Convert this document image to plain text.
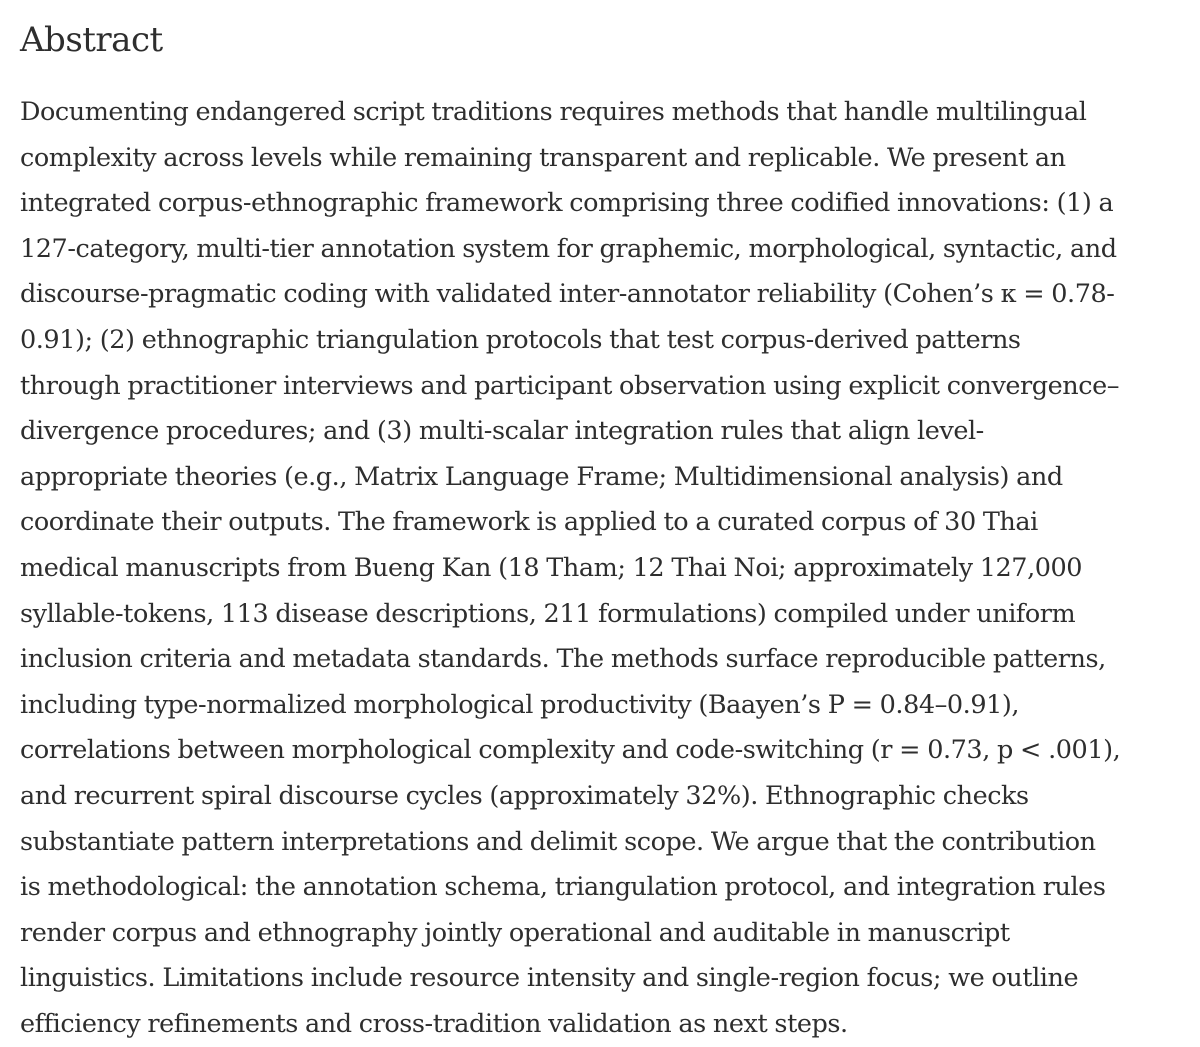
Abstract

Documenting endangered script traditions requires methods that handle multilingual
complexity across levels while remaining transparent and replicable. We present an
integrated corpus-ethnographic framework comprising three codified innovations: (1) a
127-category, multi-tier annotation system for graphemic, morphological, syntactic, and
discourse-pragmatic coding with validated inter-annotator reliability (Cohen’s κ = 0.78-
0.91); (2) ethnographic triangulation protocols that test corpus-derived patterns
through practitioner interviews and participant observation using explicit convergence–
divergence procedures; and (3) multi-scalar integration rules that align level-
appropriate theories (e.g., Matrix Language Frame; Multidimensional analysis) and
coordinate their outputs. The framework is applied to a curated corpus of 30 Thai
medical manuscripts from Bueng Kan (18 Tham; 12 Thai Noi; approximately 127,000
syllable-tokens, 113 disease descriptions, 211 formulations) compiled under uniform
inclusion criteria and metadata standards. The methods surface reproducible patterns,
including type-normalized morphological productivity (Baayen’s P = 0.84–0.91),
correlations between morphological complexity and code-switching (r = 0.73, p < .001),
and recurrent spiral discourse cycles (approximately 32%). Ethnographic checks
substantiate pattern interpretations and delimit scope. We argue that the contribution
is methodological: the annotation schema, triangulation protocol, and integration rules
render corpus and ethnography jointly operational and auditable in manuscript
linguistics. Limitations include resource intensity and single-region focus; we outline
efficiency refinements and cross-tradition validation as next steps.
